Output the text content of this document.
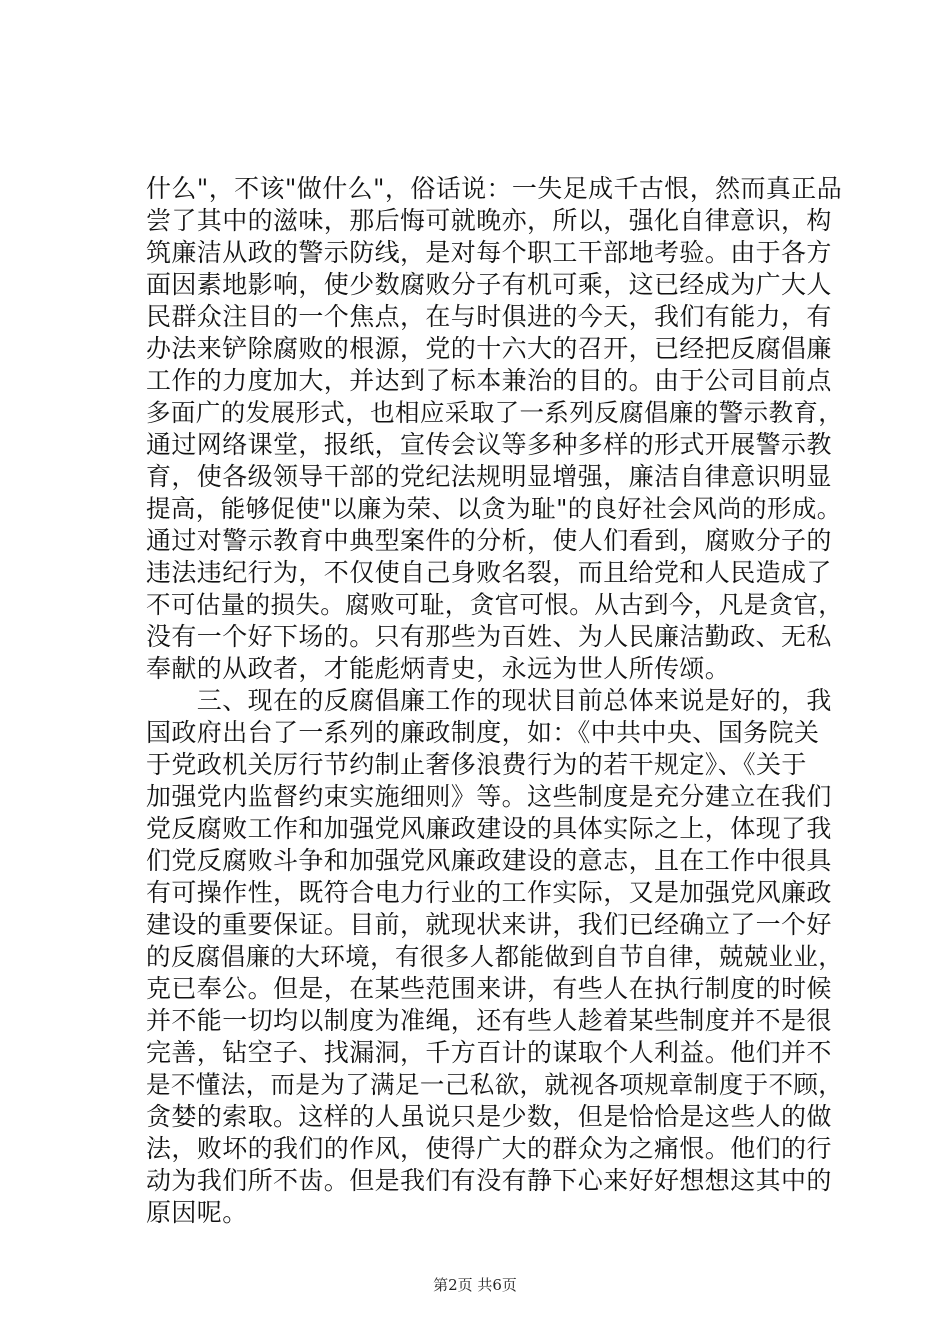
什么"，不该"做什么"，俗话说：一失足成千古恨，然而真正品
尝了其中的滋味，那后悔可就晚亦，所以，强化自律意识，构
筑廉洁从政的警示防线，是对每个职工干部地考验。由于各方
面因素地影响，使少数腐败分子有机可乘，这已经成为广大人
民群众注目的一个焦点，在与时俱进的今天，我们有能力，有
办法来铲除腐败的根源，党的十六大的召开，已经把反腐倡廉
工作的力度加大，并达到了标本兼治的目的。由于公司目前点
多面广的发展形式，也相应采取了一系列反腐倡廉的警示教育，
通过网络课堂，报纸，宣传会议等多种多样的形式开展警示教
育，使各级领导干部的党纪法规明显增强，廉洁自律意识明显
提高，能够促使"以廉为荣、以贪为耻"的良好社会风尚的形成。
通过对警示教育中典型案件的分析，使人们看到，腐败分子的
违法违纪行为，不仅使自己身败名裂，而且给党和人民造成了
不可估量的损失。腐败可耻，贪官可恨。从古到今，凡是贪官，
没有一个好下场的。只有那些为百姓、为人民廉洁勤政、无私
奉献的从政者，才能彪炳青史，永远为世人所传颂。
　　三、现在的反腐倡廉工作的现状目前总体来说是好的，我
国政府出台了一系列的廉政制度，如：《中共中央、国务院关
于党政机关厉行节约制止奢侈浪费行为的若干规定》、《关于
加强党内监督约束实施细则》等。这些制度是充分建立在我们
党反腐败工作和加强党风廉政建设的具体实际之上，体现了我
们党反腐败斗争和加强党风廉政建设的意志，且在工作中很具
有可操作性，既符合电力行业的工作实际，又是加强党风廉政
建设的重要保证。目前，就现状来讲，我们已经确立了一个好
的反腐倡廉的大环境，有很多人都能做到自节自律，兢兢业业，
克已奉公。但是，在某些范围来讲，有些人在执行制度的时候
并不能一切均以制度为准绳，还有些人趁着某些制度并不是很
完善，钻空子、找漏洞，千方百计的谋取个人利益。他们并不
是不懂法，而是为了满足一己私欲，就视各项规章制度于不顾，
贪婪的索取。这样的人虽说只是少数，但是恰恰是这些人的做
法，败坏的我们的作风，使得广大的群众为之痛恨。他们的行
动为我们所不齿。但是我们有没有静下心来好好想想这其中的
原因呢。
第2页 共6页
